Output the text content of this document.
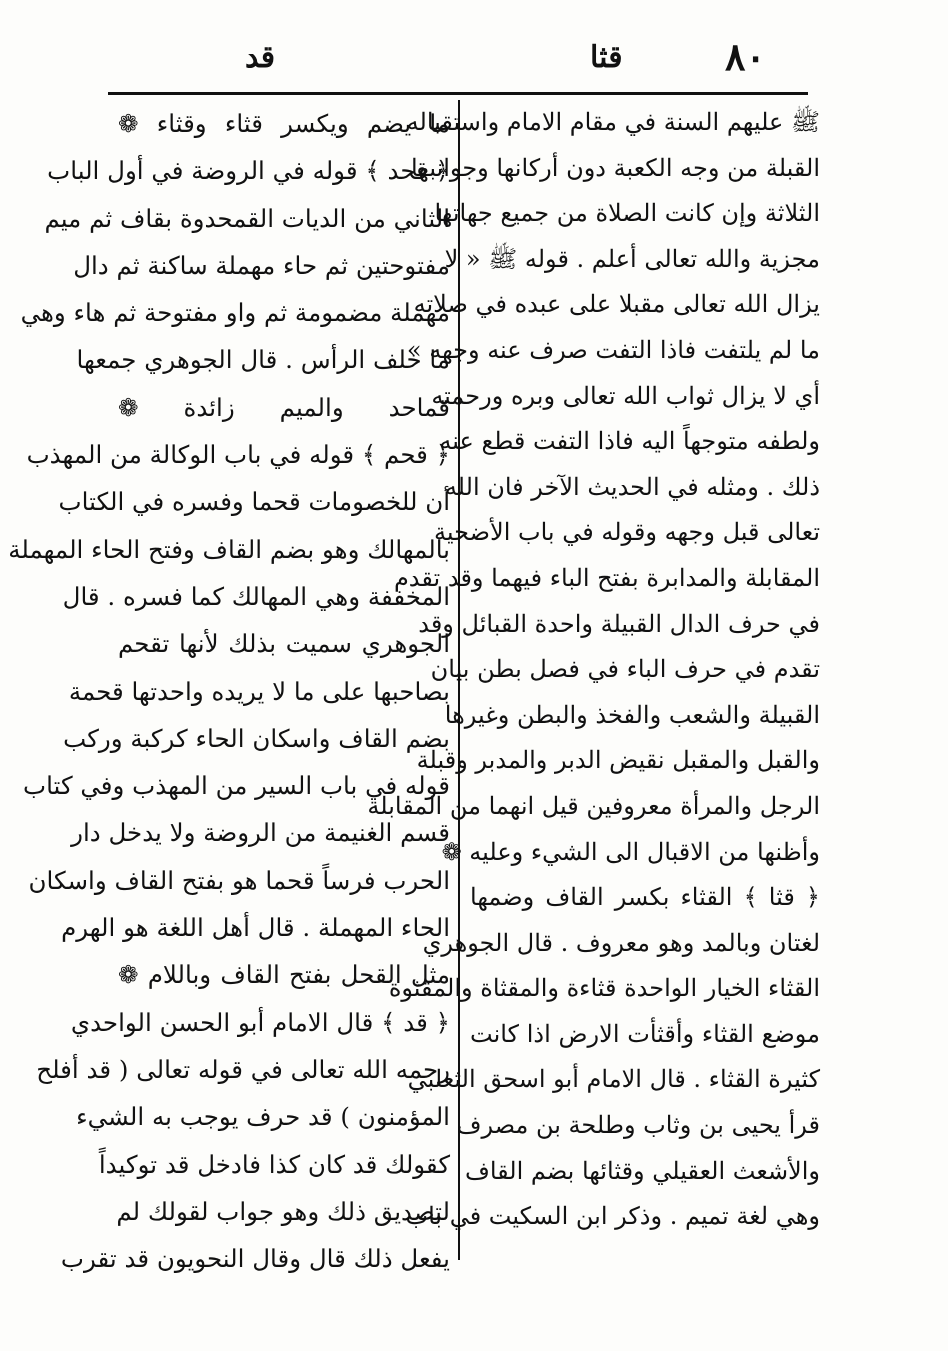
٨٠
قثا
قد
ﷺ عليهم السنة في مقام الامام واستقباله
القبلة من وجه الكعبة دون أركانها وجوانبها
الثلاثة وإن كانت الصلاة من جميع جهاتها
مجزية والله تعالى أعلم . قوله ﷺ « لا
يزال الله تعالى مقبلا على عبده في صلاته
ما لم يلتفت فاذا التفت صرف عنه وجهه »
أي لا يزال ثواب الله تعالى وبره ورحمته
ولطفه متوجهاً اليه فاذا التفت قطع عنه
ذلك . ومثله في الحديث الآخر فان الله
تعالى قبل وجهه وقوله في باب الأضحية
المقابلة والمدابرة بفتح الباء فيهما وقد تقدم
في حرف الدال القبيلة واحدة القبائل وقد
تقدم في حرف الباء في فصل بطن بيان
القبيلة والشعب والفخذ والبطن وغيرها
والقبل والمقبل نقيض الدبر والمدبر وقبلة
الرجل والمرأة معروفين قيل انهما من المقابلة
وأظنها من الاقبال الى الشيء وعليه ❁
﴿ قثا ﴾ القثاء بكسر القاف وضمها
لغتان وبالمد وهو معروف . قال الجوهري
القثاء الخيار الواحدة قثاءة والمقثاة والمقثوة
موضع القثاء وأقثأت الارض اذا كانت
كثيرة القثاء . قال الامام أبو اسحق الثعلبي
قرأ يحيى بن وثاب وطلحة بن مصرف
والأشعث العقيلي وقثائها بضم القاف
وهي لغة تميم . وذكر ابن السكيت في باب
ما يضم ويكسر قثاء وقثاء ❁
﴿ قحد ﴾ قوله في الروضة في أول الباب
الثاني من الديات القمحدوة بقاف ثم ميم
مفتوحتين ثم حاء مهملة ساكنة ثم دال
مهملة مضمومة ثم واو مفتوحة ثم هاء وهي
ما خلف الرأس . قال الجوهري جمعها
قماحد والميم زائدة ❁
﴿ قحم ﴾ قوله في باب الوكالة من المهذب
أن للخصومات قحما وفسره في الكتاب
بالمهالك وهو بضم القاف وفتح الحاء المهملة
المخففة وهي المهالك كما فسره . قال
الجوهري سميت بذلك لأنها تقحم
بصاحبها على ما لا يريده واحدتها قحمة
بضم القاف واسكان الحاء كركبة وركب
قوله في باب السير من المهذب وفي كتاب
قسم الغنيمة من الروضة ولا يدخل دار
الحرب فرساً قحما هو بفتح القاف واسكان
الحاء المهملة . قال أهل اللغة هو الهرم
مثل القحل بفتح القاف وباللام ❁
﴿ قد ﴾ قال الامام أبو الحسن الواحدي
رحمه الله تعالى في قوله تعالى ( قد أفلح
المؤمنون ) قد حرف يوجب به الشيء
كقولك قد كان كذا فادخل قد توكيداً
لتصديق ذلك وهو جواب لقولك لم
يفعل ذلك قال وقال النحويون قد تقرب
